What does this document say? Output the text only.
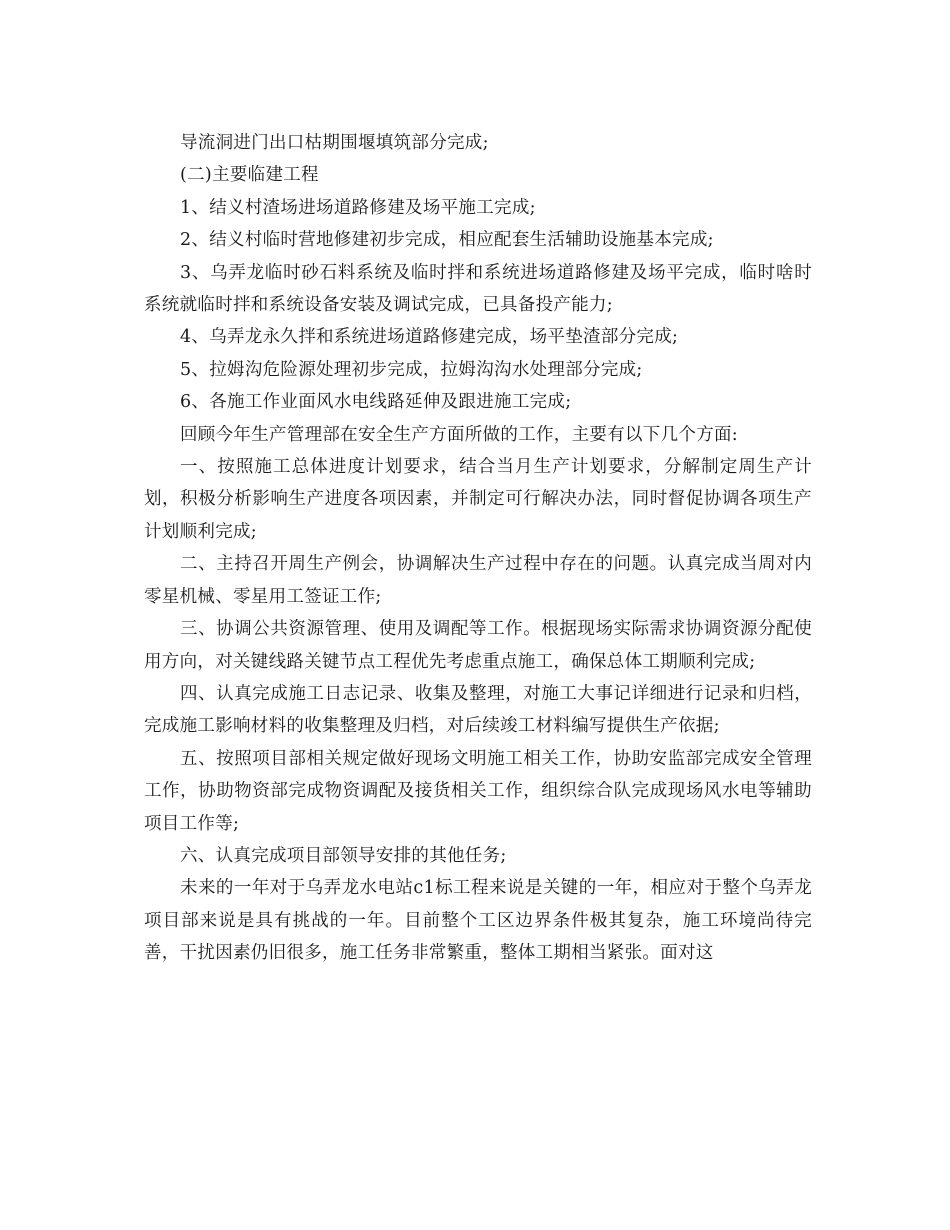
导流洞进门出口枯期围堰填筑部分完成;

(二)主要临建工程

1、结义村渣场进场道路修建及场平施工完成;

2、结义村临时营地修建初步完成，相应配套生活辅助设施基本完成;

3、乌弄龙临时砂石料系统及临时拌和系统进场道路修建及场平完成，临时啥时系统就临时拌和系统设备安装及调试完成，已具备投产能力;

4、乌弄龙永久拌和系统进场道路修建完成，场平垫渣部分完成;

5、拉姆沟危险源处理初步完成，拉姆沟沟水处理部分完成;

6、各施工作业面风水电线路延伸及跟进施工完成;

回顾今年生产管理部在安全生产方面所做的工作，主要有以下几个方面:

一、按照施工总体进度计划要求，结合当月生产计划要求，分解制定周生产计划，积极分析影响生产进度各项因素，并制定可行解决办法，同时督促协调各项生产计划顺利完成;

二、主持召开周生产例会，协调解决生产过程中存在的问题。认真完成当周对内零星机械、零星用工签证工作;

三、协调公共资源管理、使用及调配等工作。根据现场实际需求协调资源分配使用方向，对关键线路关键节点工程优先考虑重点施工，确保总体工期顺利完成;

四、认真完成施工日志记录、收集及整理，对施工大事记详细进行记录和归档，完成施工影响材料的收集整理及归档，对后续竣工材料编写提供生产依据;

五、按照项目部相关规定做好现场文明施工相关工作，协助安监部完成安全管理工作，协助物资部完成物资调配及接货相关工作，组织综合队完成现场风水电等辅助项目工作等;

六、认真完成项目部领导安排的其他任务;

未来的一年对于乌弄龙水电站c1标工程来说是关键的一年，相应对于整个乌弄龙项目部来说是具有挑战的一年。目前整个工区边界条件极其复杂，施工环境尚待完善，干扰因素仍旧很多，施工任务非常繁重，整体工期相当紧张。面对这
